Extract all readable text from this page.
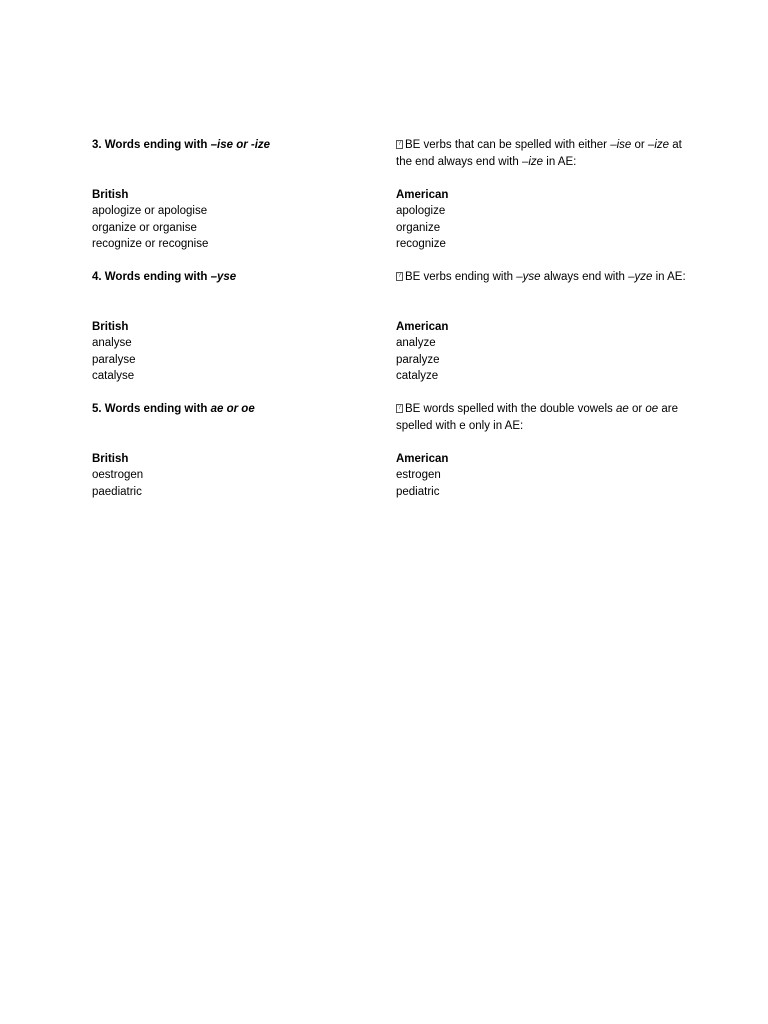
3. Words ending with –ise or -ize
British
apologize or apologise
organize or organise
recognize or recognise
?BE verbs that can be spelled with either –ise or –ize at the end always end with –ize in AE:
American
apologize
organize
recognize
4. Words ending with –yse
British
analyse
paralyse
catalyse
?BE verbs ending with –yse always end with –yze in AE:
American
analyze
paralyze
catalyze
5. Words ending with ae or oe
British
oestrogen
paediatric
?BE words spelled with the double vowels ae or oe are spelled with e only in AE:
American
estrogen
pediatric
